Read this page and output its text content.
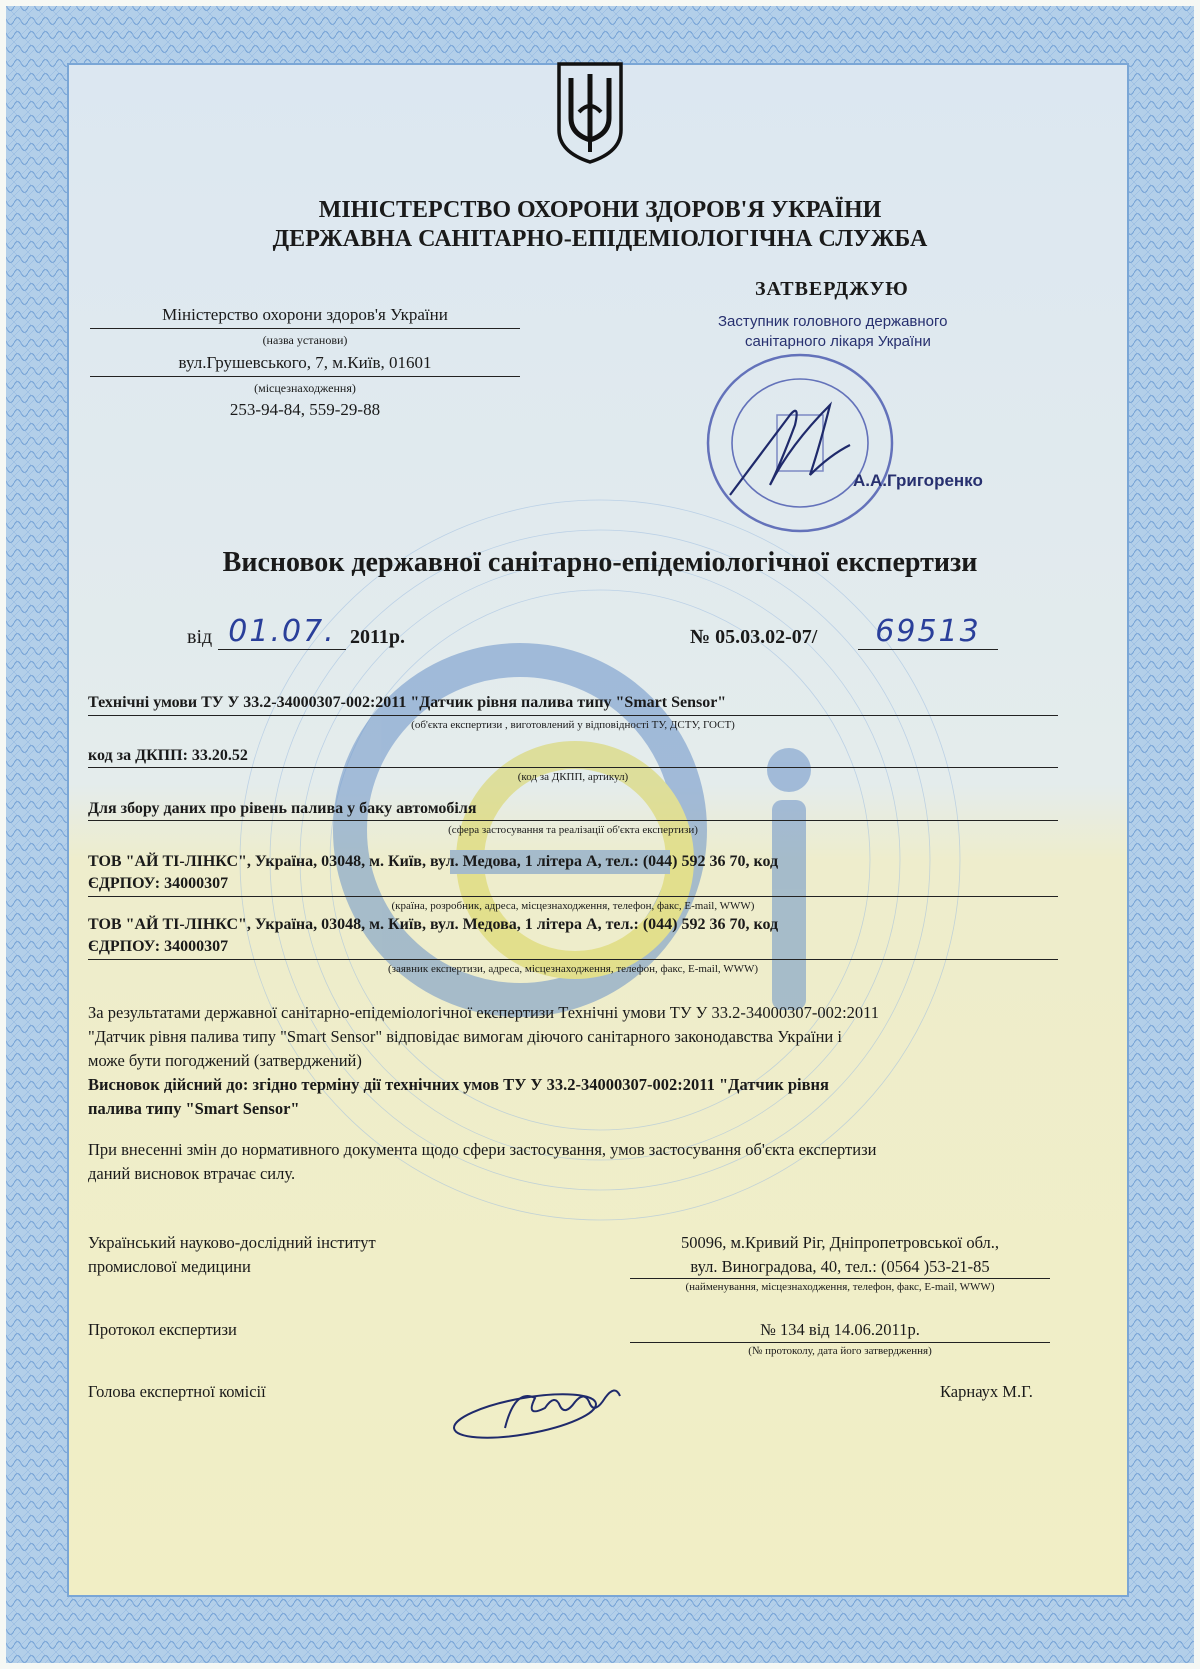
МІНІСТЕРСТВО ОХОРОНИ ЗДОРОВ'Я УКРАЇНИ
ДЕРЖАВНА САНІТАРНО-ЕПІДЕМІОЛОГІЧНА СЛУЖБА
Міністерство охорони здоров'я України
(назва установи)
вул.Грушевського, 7, м.Київ, 01601
(місцезнаходження)
253-94-84, 559-29-88
ЗАТВЕРДЖУЮ
Заступник головного державного
санітарного лікаря України
А.А.Григоренко
Висновок державної санітарно-епідеміологічної експертизи
від 01.07. 2011р.	№ 05.03.02-07/	69513
Технічні умови ТУ У 33.2-34000307-002:2011 "Датчик рівня палива типу "Smart Sensor"
(об'єкта експертизи , виготовлений у відповідності ТУ, ДСТУ, ГОСТ)
код за ДКПП: 33.20.52
(код за ДКПП, артикул)
Для збору даних про рівень палива у баку автомобіля
(сфера застосування та реалізації об'єкта експертизи)
ТОВ "АЙ ТІ-ЛІНКС", Україна, 03048, м. Київ, вул. Медова, 1 літера А, тел.: (044) 592 36 70, код
ЄДРПОУ: 34000307
(країна, розробник, адреса, місцезнаходження, телефон, факс, E-mail, WWW)
ТОВ "АЙ ТІ-ЛІНКС", Україна, 03048, м. Київ, вул. Медова, 1 літера А, тел.: (044) 592 36 70, код
ЄДРПОУ: 34000307
(заявник експертизи, адреса, місцезнаходження, телефон, факс, E-mail, WWW)
За результатами державної санітарно-епідеміологічної експертизи Технічні умови ТУ У 33.2-34000307-002:2011
"Датчик рівня палива типу "Smart Sensor" відповідає вимогам діючого санітарного законодавства України і
може бути погоджений (затверджений)
Висновок дійсний до: згідно терміну дії технічних умов ТУ У 33.2-34000307-002:2011 "Датчик рівня
палива типу "Smart Sensor"
При внесенні змін до нормативного документа щодо сфери застосування, умов застосування об'єкта експертизи
даний висновок втрачає силу.
Український науково-дослідний інститут
промислової медицини
50096, м.Кривий Ріг, Дніпропетровської обл.,
вул. Виноградова, 40, тел.: (0564 )53-21-85
(найменування, місцезнаходження, телефон, факс, E-mail, WWW)
Протокол експертизи	№ 134 від 14.06.2011р.
(№ протоколу, дата його затвердження)
Голова експертної комісії	Карнаух М.Г.
